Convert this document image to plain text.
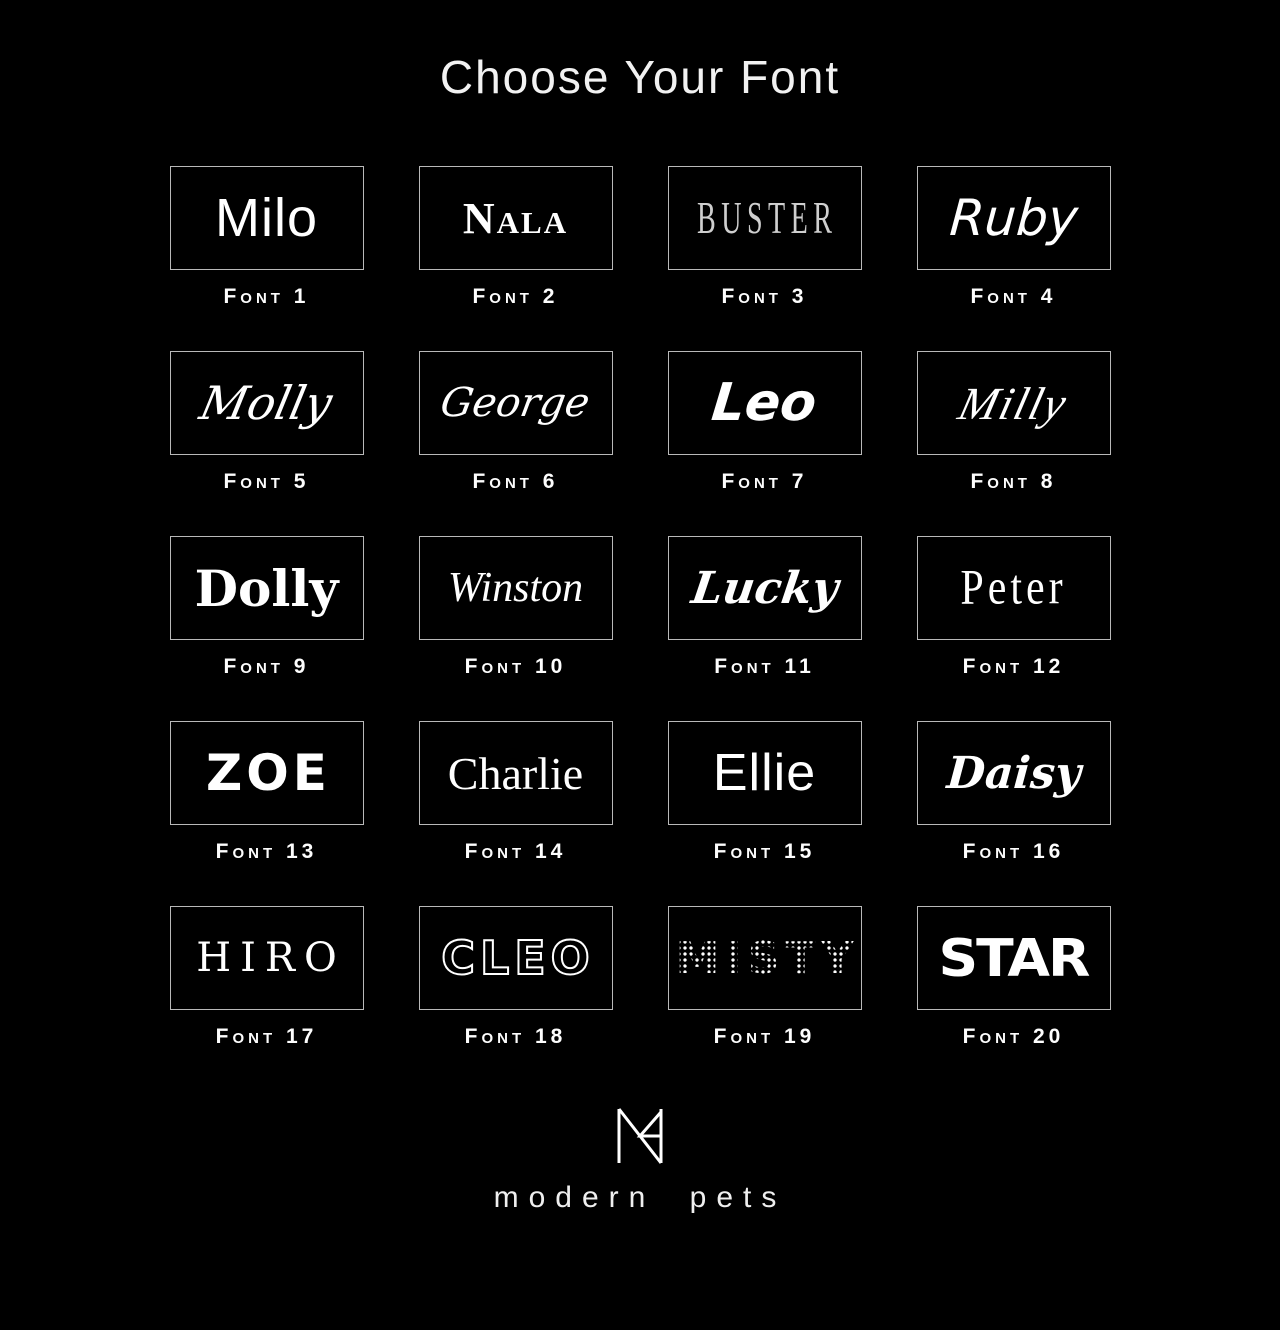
Choose Your Font
Milo
Font 1
Nala
Font 2
BUSTER
Font 3
Ruby
Font 4
Molly
Font 5
George
Font 6
Leo
Font 7
Milly
Font 8
Dolly
Font 9
Winston
Font 10
Lucky
Font 11
Peter
Font 12
ZOE
Font 13
Charlie
Font 14
Ellie
Font 15
Daisy
Font 16
HIRO
Font 17
CLEO
Font 18
MISTY
Font 19
STAR
Font 20
modern pets
